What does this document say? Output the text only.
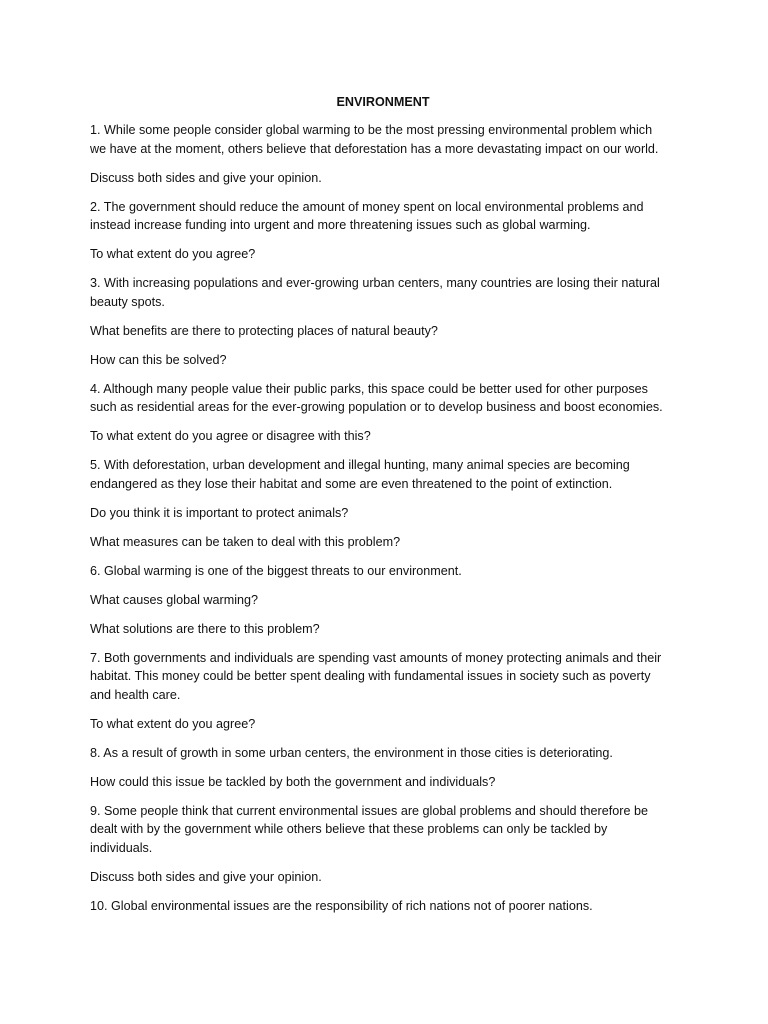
ENVIRONMENT

1. While some people consider global warming to be the most pressing environmental problem which we have at the moment, others believe that deforestation has a more devastating impact on our world.

Discuss both sides and give your opinion.

2. The government should reduce the amount of money spent on local environmental problems and instead increase funding into urgent and more threatening issues such as global warming.

To what extent do you agree?

3. With increasing populations and ever-growing urban centers, many countries are losing their natural beauty spots.

What benefits are there to protecting places of natural beauty?

How can this be solved?

4. Although many people value their public parks, this space could be better used for other purposes such as residential areas for the ever-growing population or to develop business and boost economies.

To what extent do you agree or disagree with this?

5. With deforestation, urban development and illegal hunting, many animal species are becoming endangered as they lose their habitat and some are even threatened to the point of extinction.

Do you think it is important to protect animals?

What measures can be taken to deal with this problem?

6. Global warming is one of the biggest threats to our environment.

What causes global warming?

What solutions are there to this problem?

7. Both governments and individuals are spending vast amounts of money protecting animals and their habitat. This money could be better spent dealing with fundamental issues in society such as poverty and health care.

To what extent do you agree?

8. As a result of growth in some urban centers, the environment in those cities is deteriorating.

How could this issue be tackled by both the government and individuals?

9. Some people think that current environmental issues are global problems and should therefore be dealt with by the government while others believe that these problems can only be tackled by individuals.

Discuss both sides and give your opinion.

10. Global environmental issues are the responsibility of rich nations not of poorer nations.
